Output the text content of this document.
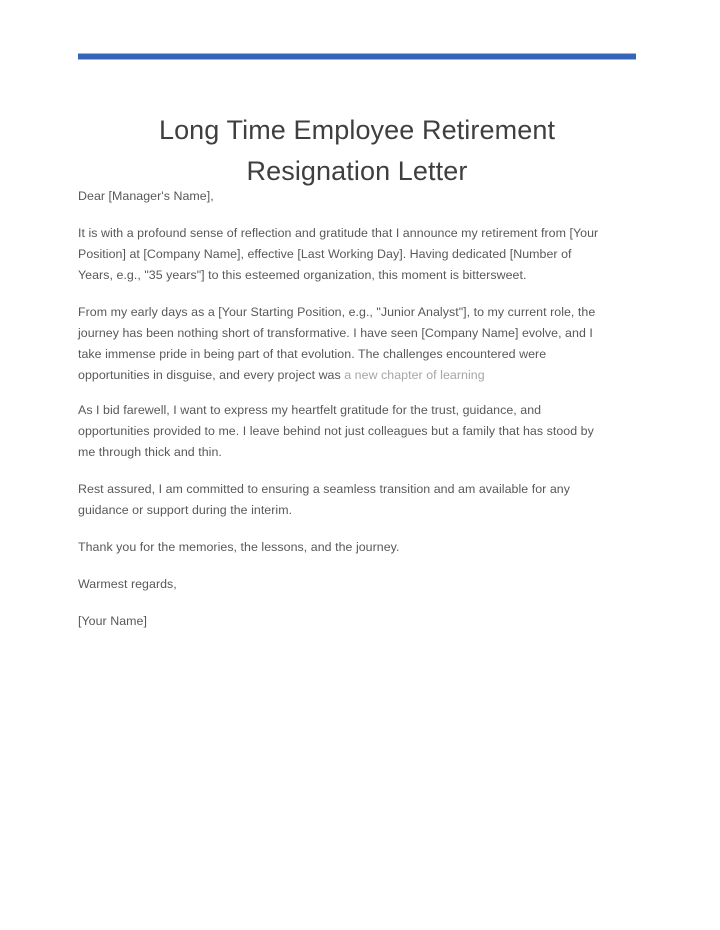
Long Time Employee Retirement
Resignation Letter

Dear [Manager's Name],

It is with a profound sense of reflection and gratitude that I announce my retirement from [Your Position] at [Company Name], effective [Last Working Day]. Having dedicated [Number of Years, e.g., "35 years"] to this esteemed organization, this moment is bittersweet.

From my early days as a [Your Starting Position, e.g., "Junior Analyst"], to my current role, the journey has been nothing short of transformative. I have seen [Company Name] evolve, and I take immense pride in being part of that evolution. The challenges encountered were opportunities in disguise, and every project was a new chapter of learning

As I bid farewell, I want to express my heartfelt gratitude for the trust, guidance, and opportunities provided to me. I leave behind not just colleagues but a family that has stood by me through thick and thin.

Rest assured, I am committed to ensuring a seamless transition and am available for any guidance or support during the interim.

Thank you for the memories, the lessons, and the journey.

Warmest regards,

[Your Name]
